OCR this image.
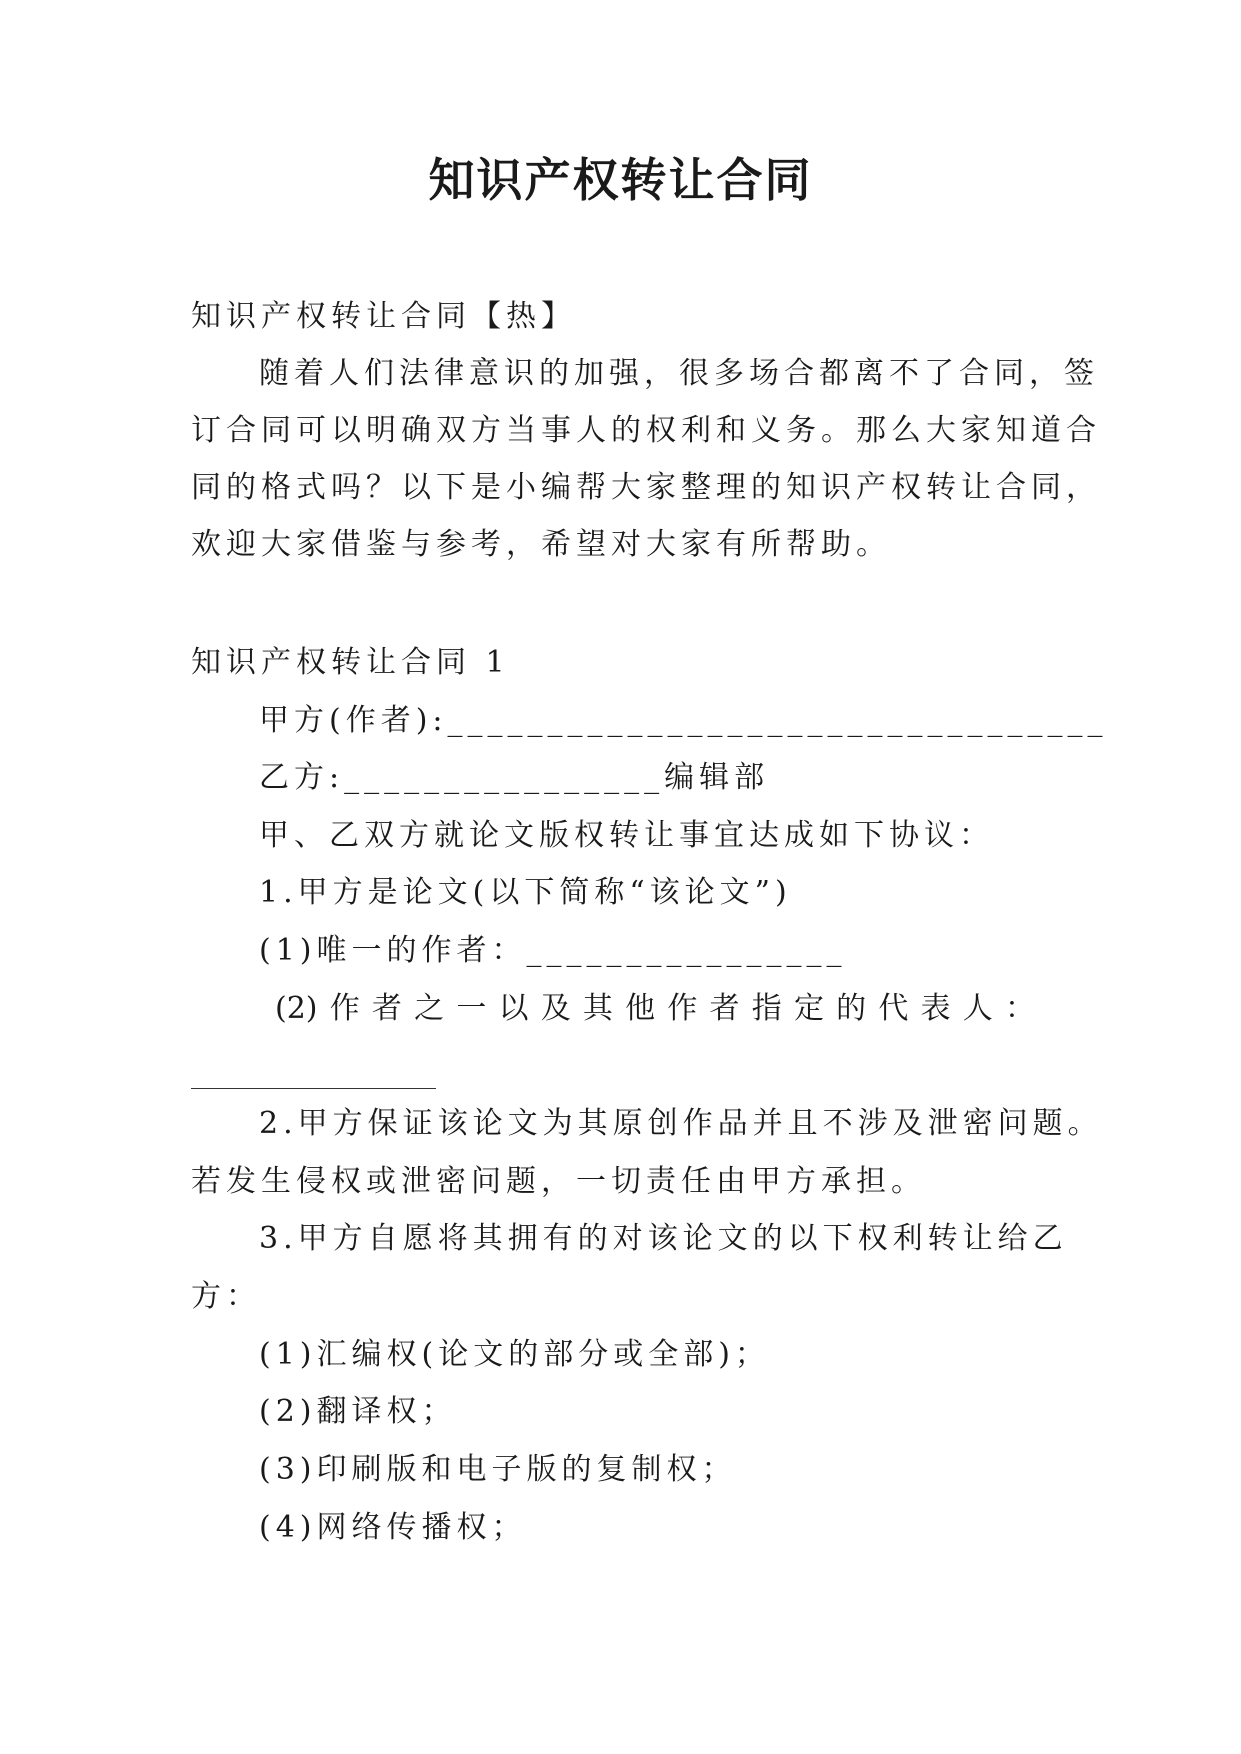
知识产权转让合同
知识产权转让合同【热】
随着人们法律意识的加强，很多场合都离不了合同，签
订合同可以明确双方当事人的权利和义务。那么大家知道合
同的格式吗？以下是小编帮大家整理的知识产权转让合同，
欢迎大家借鉴与参考，希望对大家有所帮助。
知识产权转让合同 1
甲方(作者):_________________________________
乙方:________________编辑部
甲、乙双方就论文版权转让事宜达成如下协议：
1.甲方是论文(以下简称“该论文”)
(1)唯一的作者：________________
(2) 作 者 之 一 以 及 其 他 作 者 指 定 的 代 表 人 ：
2.甲方保证该论文为其原创作品并且不涉及泄密问题。
若发生侵权或泄密问题，一切责任由甲方承担。
3.甲方自愿将其拥有的对该论文的以下权利转让给乙
方：
(1)汇编权(论文的部分或全部)；
(2)翻译权；
(3)印刷版和电子版的复制权；
(4)网络传播权；
